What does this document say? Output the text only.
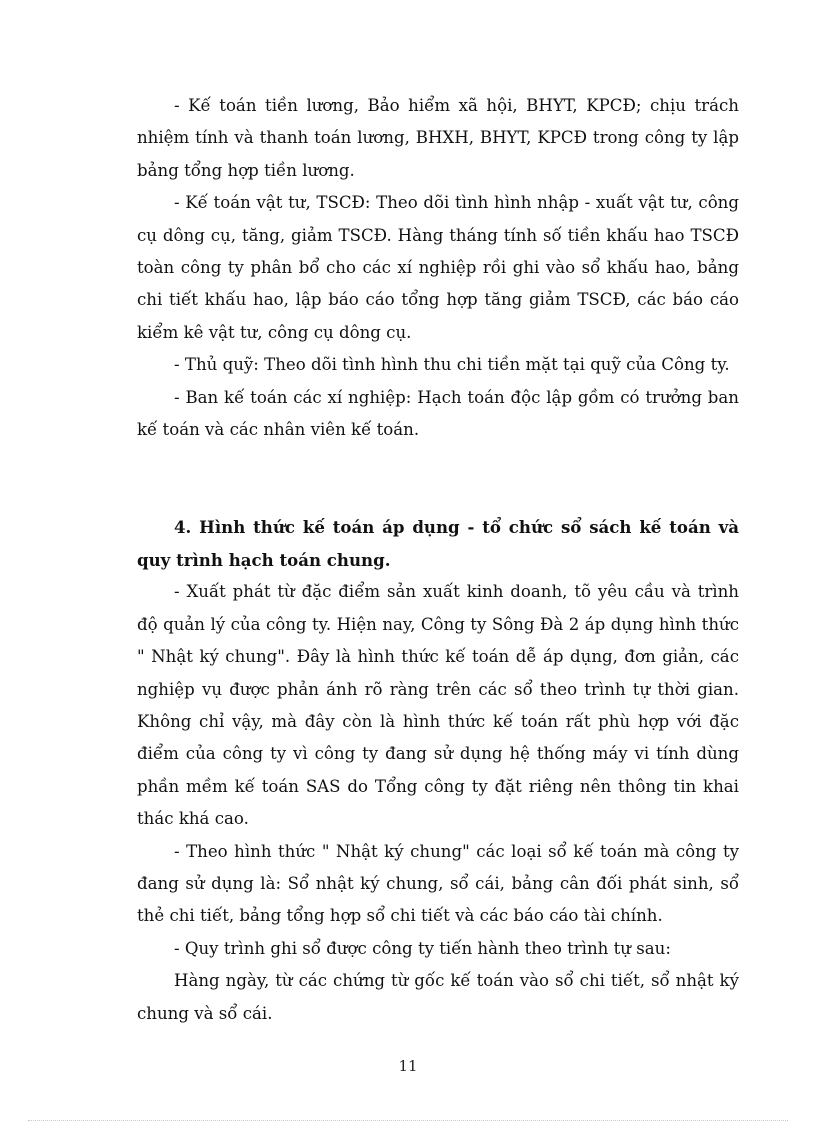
- Kế toán tiền lương, Bảo hiểm xã hội, BHYT, KPCĐ; chịu trách nhiệm tính và thanh toán lương, BHXH, BHYT, KPCĐ trong công ty lập bảng tổng hợp tiền lương.

- Kế toán vật tư, TSCĐ: Theo dõi tình hình nhập - xuất vật tư, công cụ dông cụ, tăng, giảm TSCĐ. Hàng tháng tính số tiền khấu hao TSCĐ toàn công ty phân bổ cho các xí nghiệp rồi ghi vào sổ khấu hao, bảng chi tiết khấu hao, lập báo cáo tổng hợp tăng giảm TSCĐ, các báo cáo kiểm kê vật tư, công cụ dông cụ.

- Thủ quỹ: Theo dõi tình hình thu chi tiền mặt tại quỹ của Công ty.

- Ban kế toán các xí nghiệp: Hạch toán độc lập gồm có trưởng ban kế toán và các nhân viên kế toán.

4. Hình thức kế toán áp dụng - tổ chức sổ sách kế toán và quy trình hạch toán chung.

- Xuất phát từ đặc điểm sản xuất kinh doanh, tõ yêu cầu và trình độ quản lý của công ty. Hiện nay, Công ty Sông Đà 2 áp dụng hình thức " Nhật ký chung". Đây là hình thức kế toán dễ áp dụng, đơn giản, các nghiệp vụ được phản ánh rõ ràng trên các sổ theo trình tự thời gian. Không chỉ vậy, mà đây còn là hình thức kế toán rất phù hợp với đặc điểm của công ty vì công ty đang sử dụng hệ thống máy vi tính dùng phần mềm kế toán SAS do Tổng công ty đặt riêng nên thông tin khai thác khá cao.

- Theo hình thức " Nhật ký chung" các loại sổ kế toán mà công ty đang sử dụng là: Sổ nhật ký chung, sổ cái, bảng cân đối phát sinh, sổ thẻ chi tiết, bảng tổng hợp sổ chi tiết và các báo cáo tài chính.

- Quy trình ghi sổ được công ty tiến hành theo trình tự sau:

Hàng ngày, từ các chứng từ gốc kế toán vào sổ chi tiết, sổ nhật ký chung và sổ cái.

11
